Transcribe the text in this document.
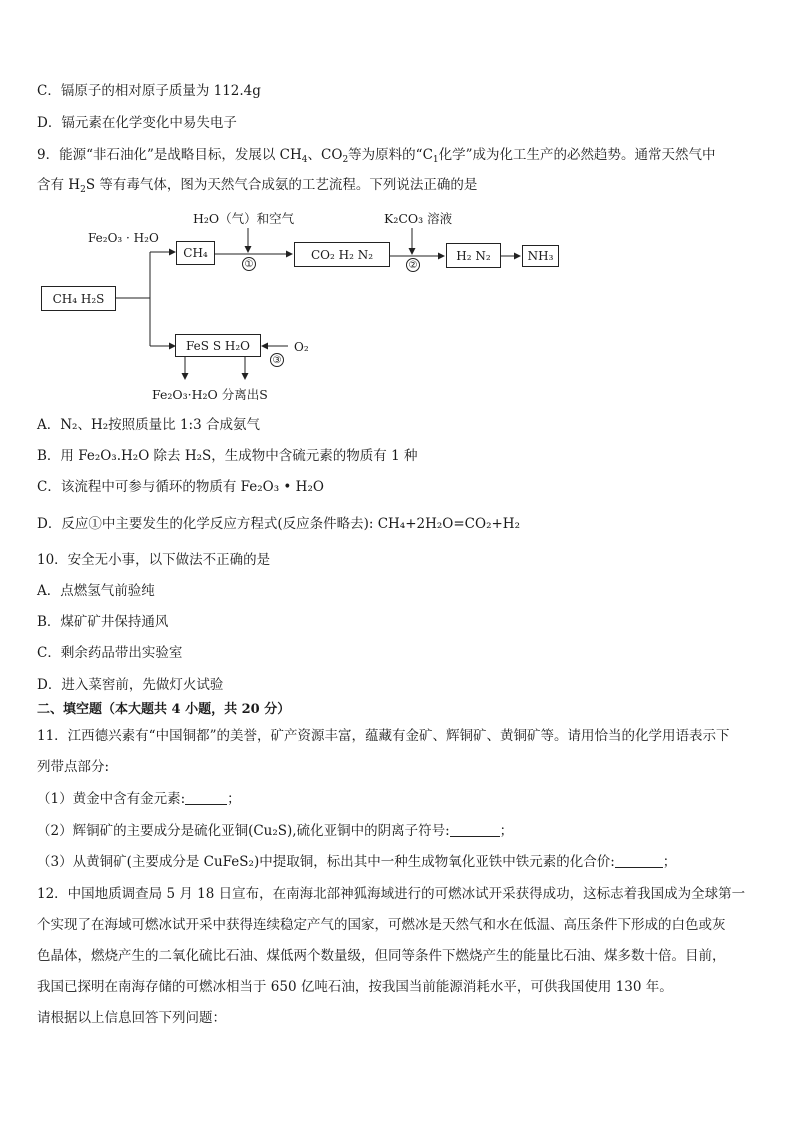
C．镉原子的相对原子质量为 112.4g
D．镉元素在化学变化中易失电子
9．能源“非石油化”是战略目标，发展以 $CH_4$、$CO_2$等为原料的“$C_1$化学”成为化工生产的必然趋势。通常天然气中
含有 $H_2S$ 等有毒气体，图为天然气合成氨的工艺流程。下列说法正确的是
CH₄ H₂S
Fe₂O₃ · H₂O
CH₄
H₂O（气）和空气
①
CO₂ H₂ N₂
K₂CO₃ 溶液
②
H₂ N₂	NH₃
FeS S H₂O
③
O₂
Fe₂O₃·H₂O 分离出S
A．N₂、H₂按照质量比 1:3 合成氨气
B．用 Fe₂O₃.H₂O 除去 H₂S，生成物中含硫元素的物质有 1 种
C．该流程中可参与循环的物质有 Fe₂O₃ • H₂O
D．反应①中主要发生的化学反应方程式(反应条件略去): CH₄+2H₂O=CO₂+H₂
10．安全无小事，以下做法不正确的是
A．点燃氢气前验纯
B．煤矿矿井保持通风
C．剩余药品带出实验室
D．进入菜窖前，先做灯火试验
二、填空题（本大题共 4 小题，共 20 分）
11．江西德兴素有“中国铜都”的美誉，矿产资源丰富，蕴藏有金矿、辉铜矿、黄铜矿等。请用恰当的化学用语表示下
列带点部分:
（1）黄金中含有金元素:	；
（2）辉铜矿的主要成分是硫化亚铜(Cu₂S),硫化亚铜中的阴离子符号:	；
（3）从黄铜矿(主要成分是 CuFeS₂)中提取铜，标出其中一种生成物氧化亚铁中铁元素的化合价:	；
12．中国地质调查局 5 月 18 日宣布，在南海北部神狐海域进行的可燃冰试开采获得成功，这标志着我国成为全球第一
个实现了在海域可燃冰试开采中获得连续稳定产气的国家，可燃冰是天然气和水在低温、高压条件下形成的白色或灰
色晶体，燃烧产生的二氧化硫比石油、煤低两个数量级，但同等条件下燃烧产生的能量比石油、煤多数十倍。目前，
我国已探明在南海存储的可燃冰相当于 650 亿吨石油，按我国当前能源消耗水平，可供我国使用 130 年。
请根据以上信息回答下列问题：
